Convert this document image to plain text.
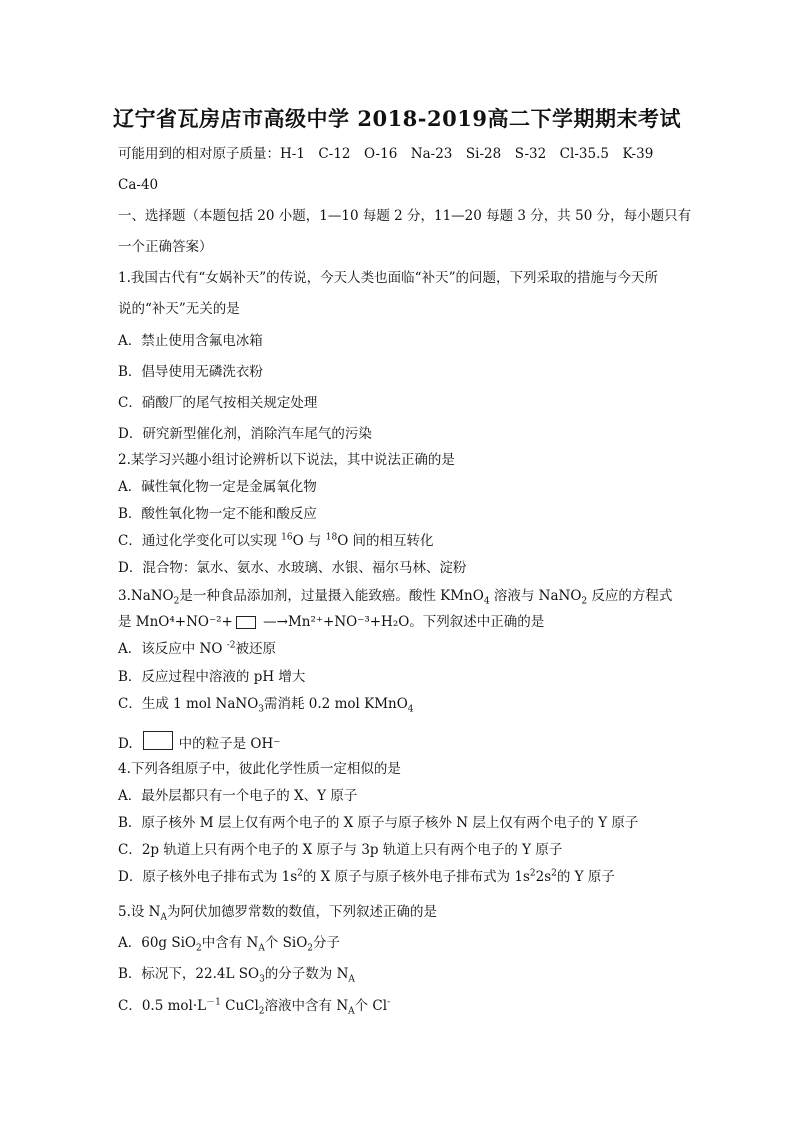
辽宁省瓦房店市高级中学 2018-2019高二下学期期末考试
可能用到的相对原子质量：H-1　C-12　O-16　Na-23　Si-28　S-32　Cl-35.5　K-39
Ca-40
一、选择题（本题包括 20 小题，1—10 每题 2 分，11—20 每题 3 分，共 50 分，每小题只有
一个正确答案）
1.我国古代有“女娲补天”的传说，今天人类也面临“补天”的问题，下列采取的措施与今天所
说的“补天”无关的是
A．禁止使用含氟电冰箱
B．倡导使用无磷洗衣粉
C．硝酸厂的尾气按相关规定处理
D．研究新型催化剂，消除汽车尾气的污染
2.某学习兴趣小组讨论辨析以下说法，其中说法正确的是
A．碱性氧化物一定是金属氧化物
B．酸性氧化物一定不能和酸反应
C．通过化学变化可以实现 $^{16}$O 与 $^{18}$O 间的相互转化
D．混合物：氯水、氨水、水玻璃、水银、福尔马林、淀粉
3.NaNO$_2$是一种食品添加剂，过量摄入能致癌。酸性 KMnO$_4$ 溶液与 NaNO$_2$ 反应的方程式
是 MnO⁴+NO⁻²+ —→Mn²⁺+NO⁻³+H₂O。下列叙述中正确的是
A．该反应中 NO $^{-2}$被还原
B．反应过程中溶液的 pH 增大
C．生成 1 mol NaNO$_3$需消耗 0.2 mol KMnO$_4$
D.	中的粒子是 OH⁻
4.下列各组原子中，彼此化学性质一定相似的是
A．最外层都只有一个电子的 X、Y 原子
B．原子核外 M 层上仅有两个电子的 X 原子与原子核外 N 层上仅有两个电子的 Y 原子
C．2p 轨道上只有两个电子的 X 原子与 3p 轨道上只有两个电子的 Y 原子
D．原子核外电子排布式为 $1s^2$的 X 原子与原子核外电子排布式为 $1s^22s^2$的 Y 原子
5.设 $N_A$为阿伏加德罗常数的数值，下列叙述正确的是
A．60g SiO$_2$中含有 $N_A$个 SiO$_2$分子
B．标况下，22.4L $SO_3$的分子数为 $N_A$
C．0.5 $mol\cdot L^{-1}$ CuCl$_2$溶液中含有 $N_A$个 Cl-
